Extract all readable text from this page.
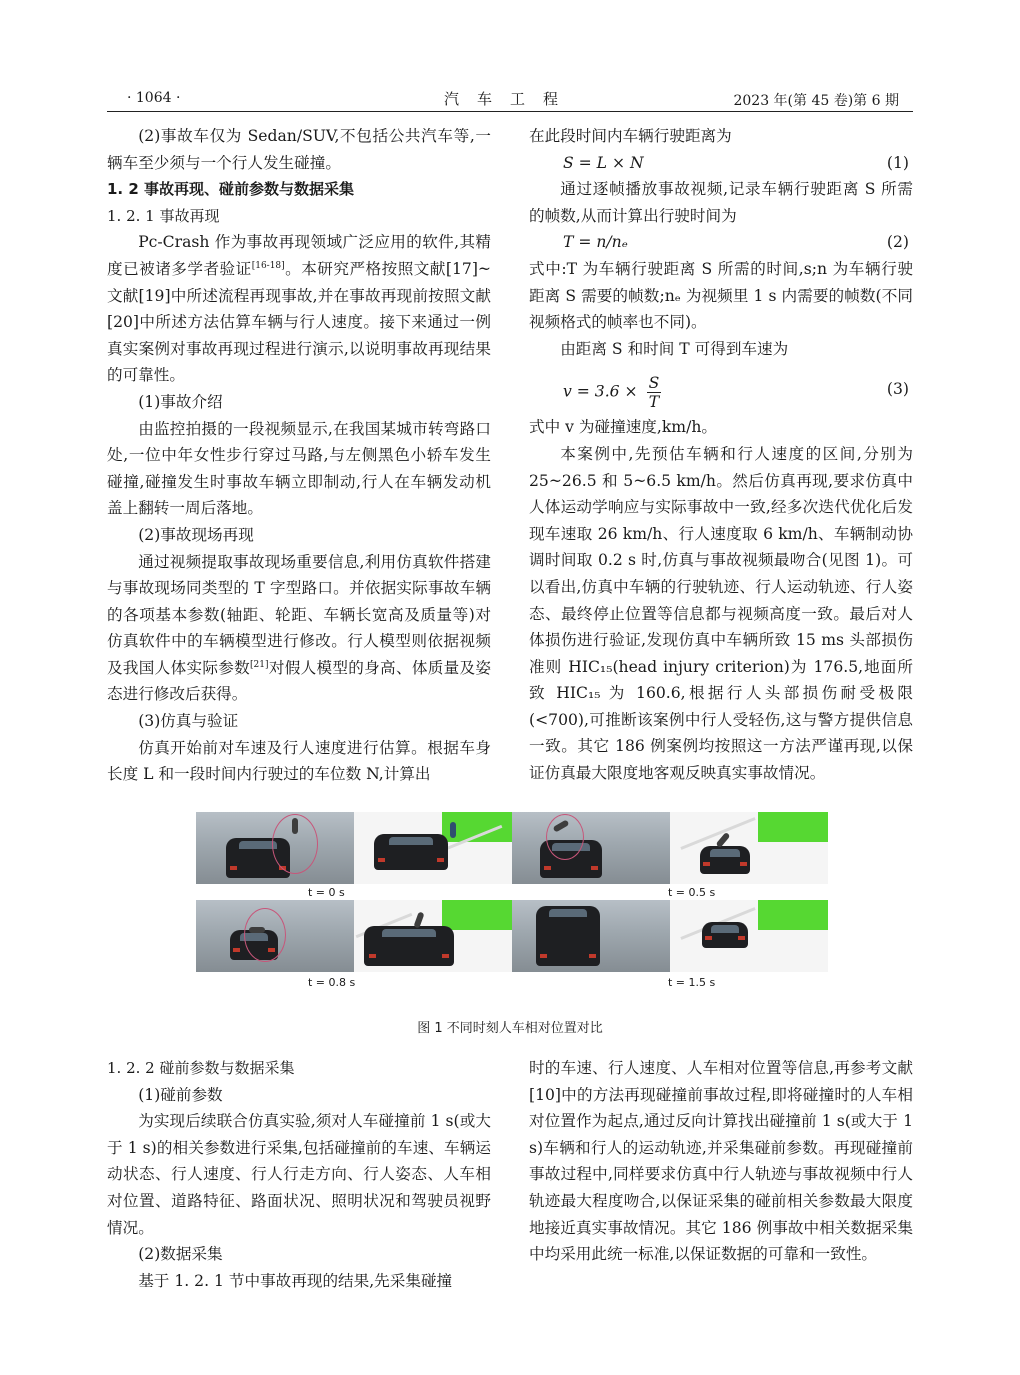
· 1064 ·	汽车工程	2023 年(第 45 卷)第 6 期

(2)事故车仅为 Sedan/SUV,不包括公共汽车等,一辆车至少须与一个行人发生碰撞。

1. 2 事故再现、碰前参数与数据采集

1. 2. 1 事故再现

Pc-Crash 作为事故再现领域广泛应用的软件,其精度已被诸多学者验证[16-18]。本研究严格按照文献[17]~文献[19]中所述流程再现事故,并在事故再现前按照文献[20]中所述方法估算车辆与行人速度。接下来通过一例真实案例对事故再现过程进行演示,以说明事故再现结果的可靠性。

(1)事故介绍

由监控拍摄的一段视频显示,在我国某城市转弯路口处,一位中年女性步行穿过马路,与左侧黑色小轿车发生碰撞,碰撞发生时事故车辆立即制动,行人在车辆发动机盖上翻转一周后落地。

(2)事故现场再现

通过视频提取事故现场重要信息,利用仿真软件搭建与事故现场同类型的 T 字型路口。并依据实际事故车辆的各项基本参数(轴距、轮距、车辆长宽高及质量等)对仿真软件中的车辆模型进行修改。行人模型则依据视频及我国人体实际参数[21]对假人模型的身高、体质量及姿态进行修改后获得。

(3)仿真与验证

仿真开始前对车速及行人速度进行估算。根据车身长度 L 和一段时间内行驶过的车位数 N,计算出

在此段时间内车辆行驶距离为

S = L × N	(1)

通过逐帧播放事故视频,记录车辆行驶距离 S 所需的帧数,从而计算出行驶时间为

T = n/nₑ	(2)

式中:T 为车辆行驶距离 S 所需的时间,s;n 为车辆行驶距离 S 需要的帧数;nₑ 为视频里 1 s 内需要的帧数(不同视频格式的帧率也不同)。

由距离 S 和时间 T 可得到车速为

$v = 3.6 \times \frac{S}{T}$	(3)

式中 v 为碰撞速度,km/h。

本案例中,先预估车辆和行人速度的区间,分别为 25~26.5 和 5~6.5 km/h。然后仿真再现,要求仿真中人体运动学响应与实际事故中一致,经多次迭代优化后发现车速取 26 km/h、行人速度取 6 km/h、车辆制动协调时间取 0.2 s 时,仿真与事故视频最吻合(见图 1)。可以看出,仿真中车辆的行驶轨迹、行人运动轨迹、行人姿态、最终停止位置等信息都与视频高度一致。最后对人体损伤进行验证,发现仿真中车辆所致 15 ms 头部损伤准则 HIC₁₅(head injury criterion)为 176.5,地面所致 HIC₁₅ 为 160.6,根据行人头部损伤耐受极限(<700),可推断该案例中行人受轻伤,这与警方提供信息一致。其它 186 例案例均按照这一方法严谨再现,以保证仿真最大限度地客观反映真实事故情况。

t = 0 s	t = 0.5 s
t = 0.8 s	t = 1.5 s
图 1 不同时刻人车相对位置对比

1. 2. 2 碰前参数与数据采集

(1)碰前参数

为实现后续联合仿真实验,须对人车碰撞前 1 s(或大于 1 s)的相关参数进行采集,包括碰撞前的车速、车辆运动状态、行人速度、行人行走方向、行人姿态、人车相对位置、道路特征、路面状况、照明状况和驾驶员视野情况。

(2)数据采集

基于 1. 2. 1 节中事故再现的结果,先采集碰撞

时的车速、行人速度、人车相对位置等信息,再参考文献[10]中的方法再现碰撞前事故过程,即将碰撞时的人车相对位置作为起点,通过反向计算找出碰撞前 1 s(或大于 1 s)车辆和行人的运动轨迹,并采集碰前参数。再现碰撞前事故过程中,同样要求仿真中行人轨迹与事故视频中行人轨迹最大程度吻合,以保证采集的碰前相关参数最大限度地接近真实事故情况。其它 186 例事故中相关数据采集中均采用此统一标准,以保证数据的可靠和一致性。
